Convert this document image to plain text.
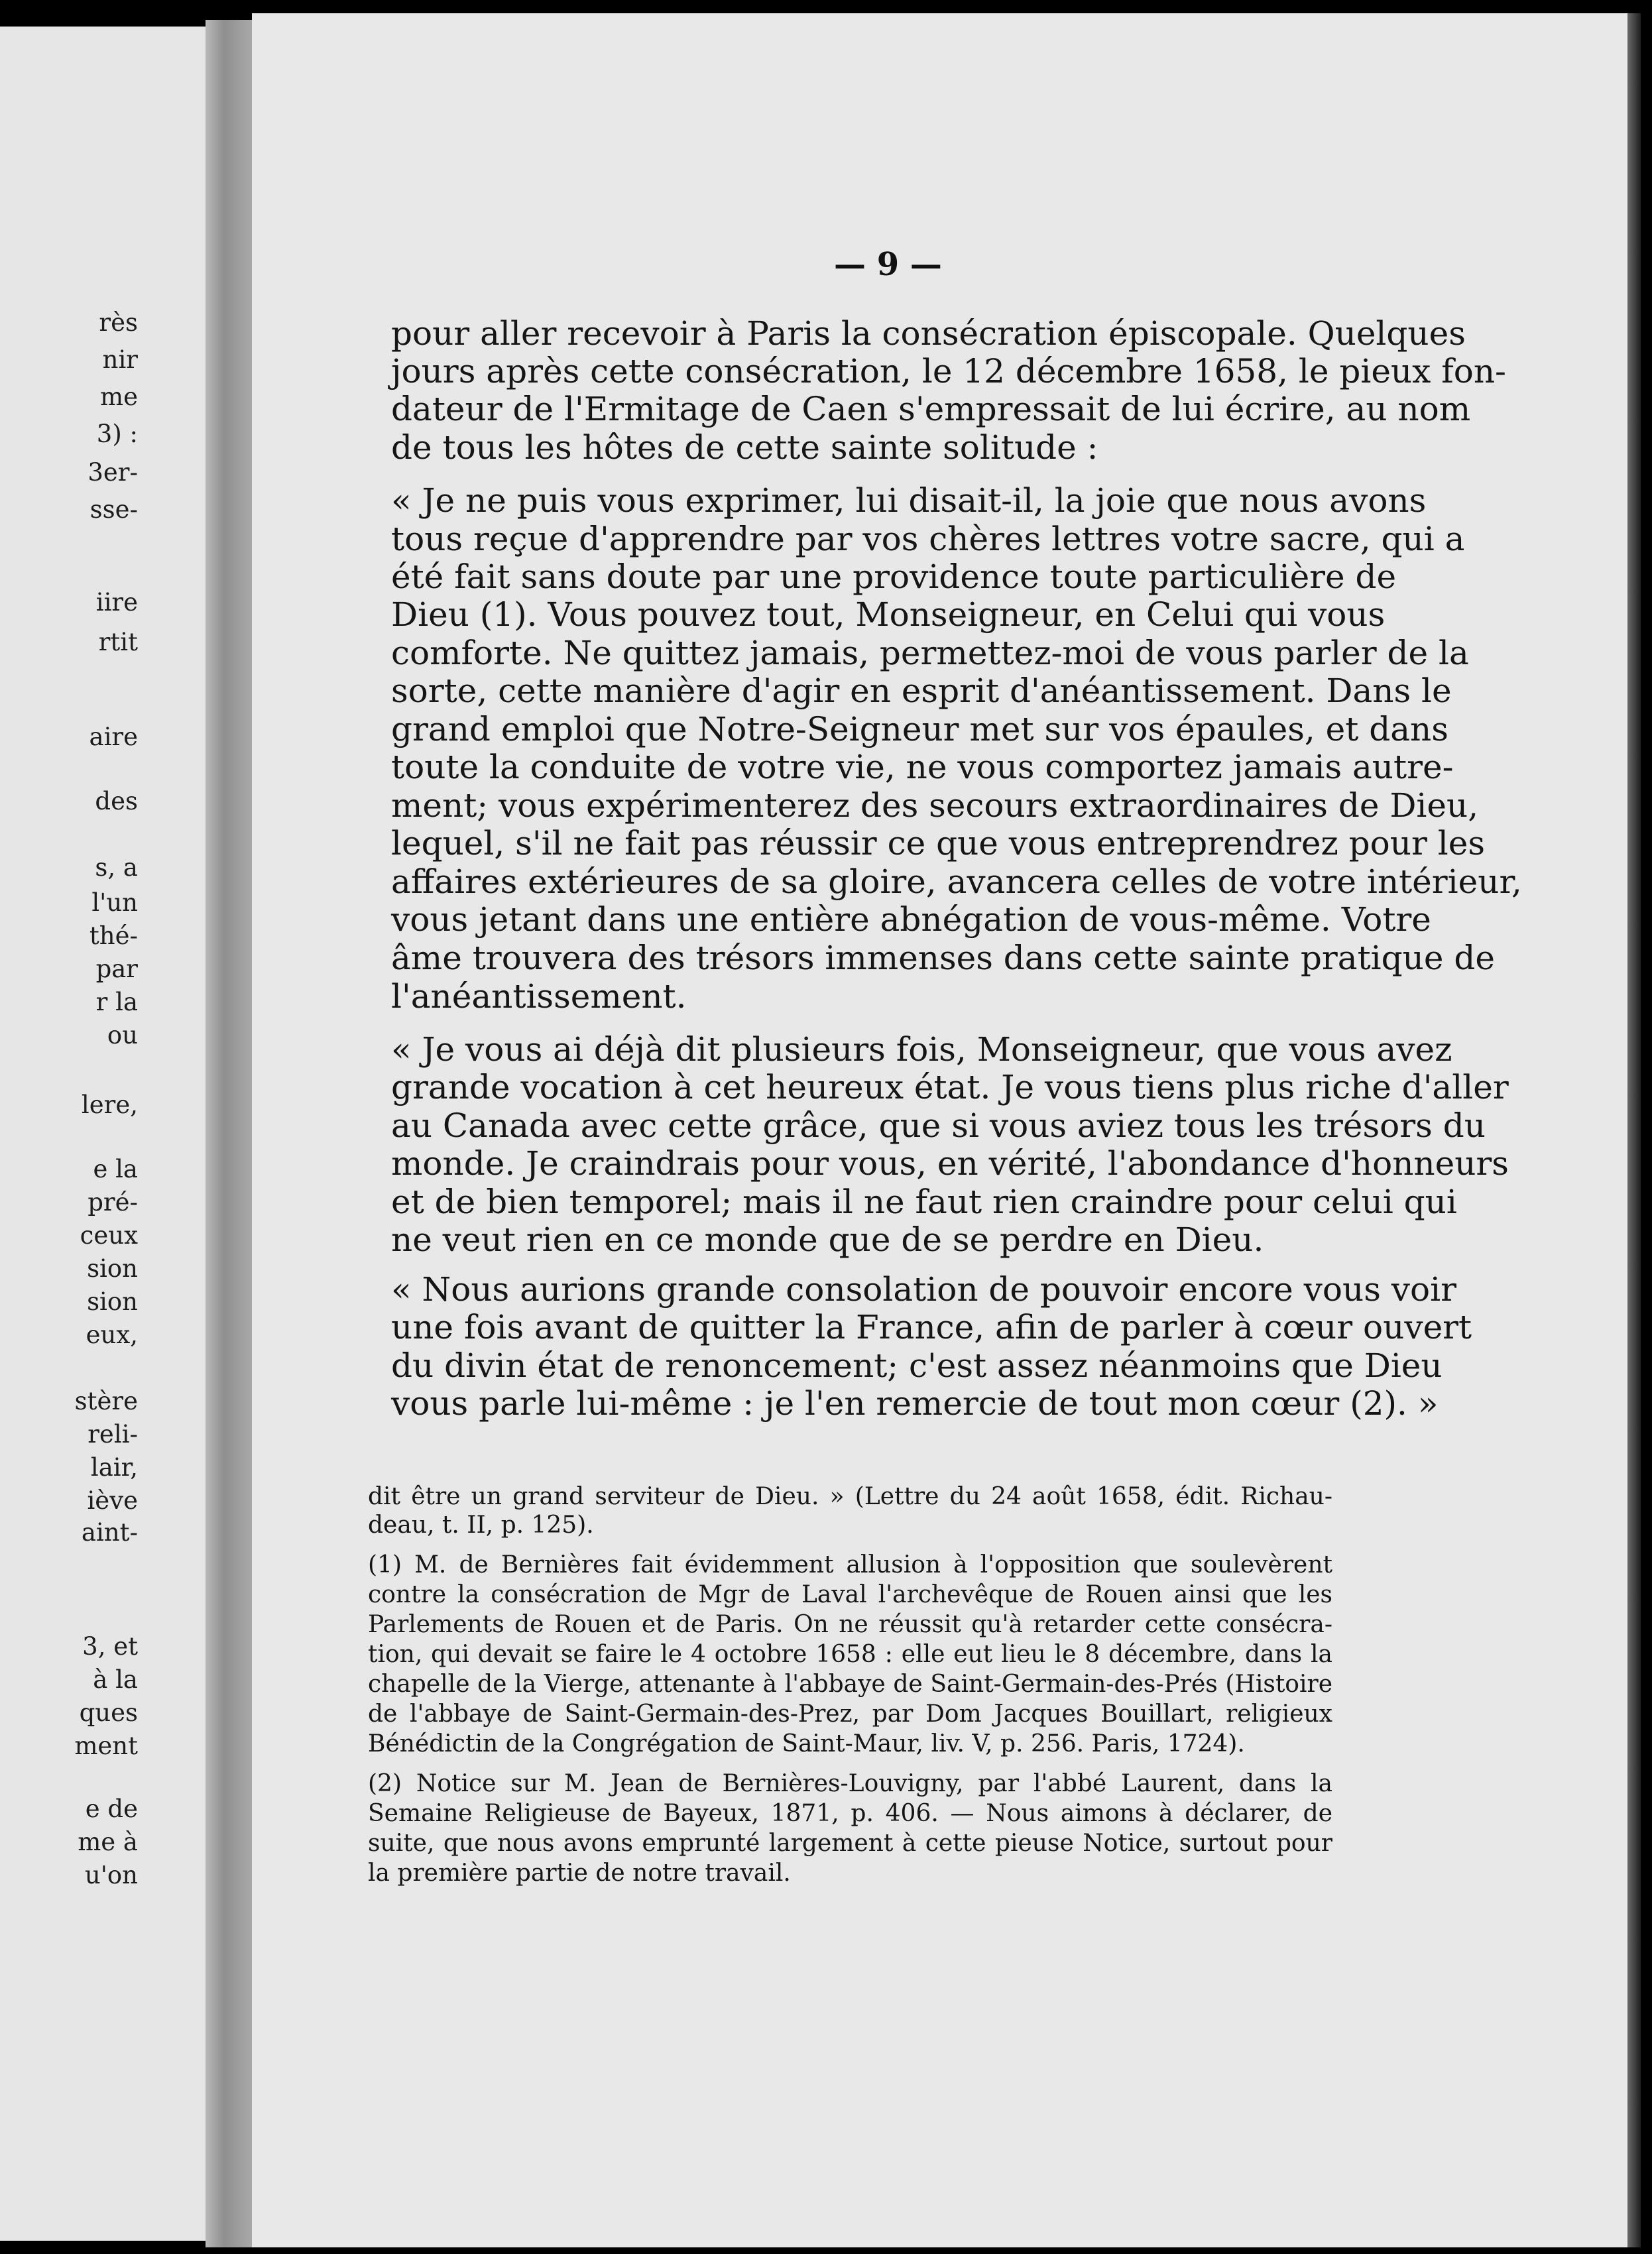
rès
nir
me
3) :
3er-
sse-
iire
rtit
aire
des
s, a
l'un
thé-
par
r la
ou
lere,
e la
pré-
ceux
sion
sion
eux,
stère
reli-
lair,
iève
aint-
3, et
à la
ques
ment
e de
me à
u'on
— 9 —
pour aller recevoir à Paris la consécration épiscopale. Quelques
jours après cette consécration, le 12 décembre 1658, le pieux fon-
dateur de l'Ermitage de Caen s'empressait de lui écrire, au nom
de tous les hôtes de cette sainte solitude :
« Je ne puis vous exprimer, lui disait-il, la joie que nous avons
tous reçue d'apprendre par vos chères lettres votre sacre, qui a
été fait sans doute par une providence toute particulière de
Dieu (1). Vous pouvez tout, Monseigneur, en Celui qui vous
comforte. Ne quittez jamais, permettez-moi de vous parler de la
sorte, cette manière d'agir en esprit d'anéantissement. Dans le
grand emploi que Notre-Seigneur met sur vos épaules, et dans
toute la conduite de votre vie, ne vous comportez jamais autre-
ment; vous expérimenterez des secours extraordinaires de Dieu,
lequel, s'il ne fait pas réussir ce que vous entreprendrez pour les
affaires extérieures de sa gloire, avancera celles de votre intérieur,
vous jetant dans une entière abnégation de vous-même. Votre
âme trouvera des trésors immenses dans cette sainte pratique de
l'anéantissement.
« Je vous ai déjà dit plusieurs fois, Monseigneur, que vous avez
grande vocation à cet heureux état. Je vous tiens plus riche d'aller
au Canada avec cette grâce, que si vous aviez tous les trésors du
monde. Je craindrais pour vous, en vérité, l'abondance d'honneurs
et de bien temporel; mais il ne faut rien craindre pour celui qui
ne veut rien en ce monde que de se perdre en Dieu.
« Nous aurions grande consolation de pouvoir encore vous voir
une fois avant de quitter la France, afin de parler à cœur ouvert
du divin état de renoncement; c'est assez néanmoins que Dieu
vous parle lui-même : je l'en remercie de tout mon cœur (2). »
dit être un grand serviteur de Dieu. » (Lettre du 24 août 1658, édit. Richau-
deau, t. II, p. 125).
(1) M. de Bernières fait évidemment allusion à l'opposition que soulevèrent
contre la consécration de Mgr de Laval l'archevêque de Rouen ainsi que les
Parlements de Rouen et de Paris. On ne réussit qu'à retarder cette consécra-
tion, qui devait se faire le 4 octobre 1658 : elle eut lieu le 8 décembre, dans la
chapelle de la Vierge, attenante à l'abbaye de Saint-Germain-des-Prés (Histoire
de l'abbaye de Saint-Germain-des-Prez, par Dom Jacques Bouillart, religieux
Bénédictin de la Congrégation de Saint-Maur, liv. V, p. 256. Paris, 1724).
(2) Notice sur M. Jean de Bernières-Louvigny, par l'abbé Laurent, dans la
Semaine Religieuse de Bayeux, 1871, p. 406. — Nous aimons à déclarer, de
suite, que nous avons emprunté largement à cette pieuse Notice, surtout pour
la première partie de notre travail.
